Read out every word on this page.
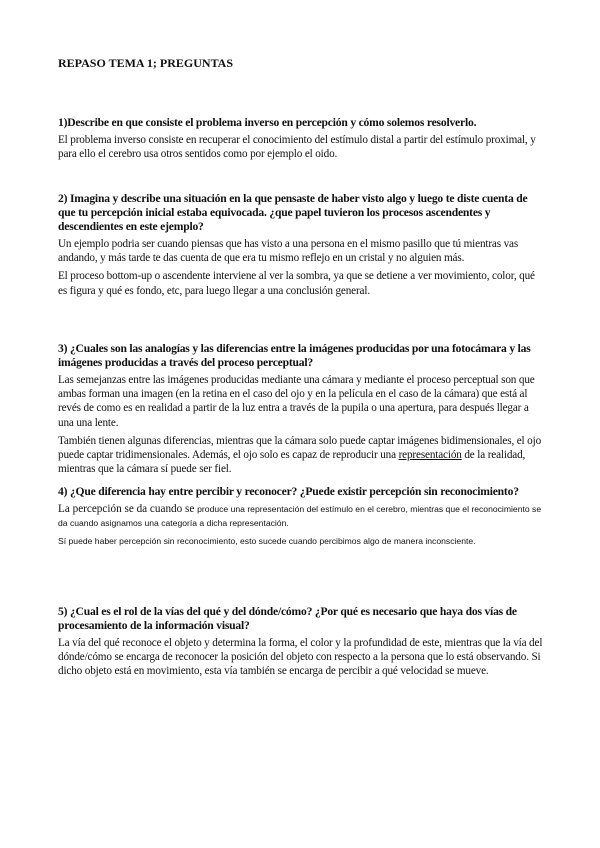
REPASO TEMA 1; PREGUNTAS

1)Describe en que consiste el problema inverso en percepción y cómo solemos resolverlo.

El problema inverso consiste en recuperar el conocimiento del estímulo distal a partir del estímulo proximal, y para ello el cerebro usa otros sentidos como por ejemplo el oido.

2) Imagina y describe una situación en la que pensaste de haber visto algo y luego te diste cuenta de que tu percepción inicial estaba equivocada. ¿que papel tuvieron los procesos ascendentes y descendientes en este ejemplo?

Un ejemplo podria ser cuando piensas que has visto a una persona en el mismo pasillo que tú mientras vas andando, y más tarde te das cuenta de que era tu mismo reflejo en un cristal y no alguien más.

El proceso bottom-up o ascendente interviene al ver la sombra, ya que se detiene a ver movimiento, color, qué es figura y qué es fondo, etc, para luego llegar a una conclusión general.

3) ¿Cuales son las analogías y las diferencias entre la imágenes producidas por una fotocámara y las imágenes producidas a través del proceso perceptual?

Las semejanzas entre las imágenes producidas mediante una cámara y mediante el proceso perceptual son que ambas forman una imagen (en la retina en el caso del ojo y en la película en el caso de la cámara) que está al revés de como es en realidad a partir de la luz entra a través de la pupila o una apertura, para después llegar a una una lente.

También tienen algunas diferencias, mientras que la cámara solo puede captar imágenes bidimensionales, el ojo puede captar tridimensionales. Además, el ojo solo es capaz de reproducir una representación de la realidad, mientras que la cámara sí puede ser fiel.

4) ¿Que diferencia hay entre percibir y reconocer? ¿Puede existir percepción sin reconocimiento?

La percepción se da cuando se produce una representación del estímulo en el cerebro, mientras que el reconocimiento se da cuando asignamos una categoría a dicha representación.

Sí puede haber percepción sin reconocimiento, esto sucede cuando percibimos algo de manera inconsciente.

5) ¿Cual es el rol de la vías del qué y del dónde/cómo? ¿Por qué es necesario que haya dos vías de procesamiento de la información visual?

La vía del qué reconoce el objeto y determina la forma, el color y la profundidad de este, mientras que la vía del dónde/cómo se encarga de reconocer la posición del objeto con respecto a la persona que lo está observando. Si dicho objeto está en movimiento, esta vía también se encarga de percibir a qué velocidad se mueve.
